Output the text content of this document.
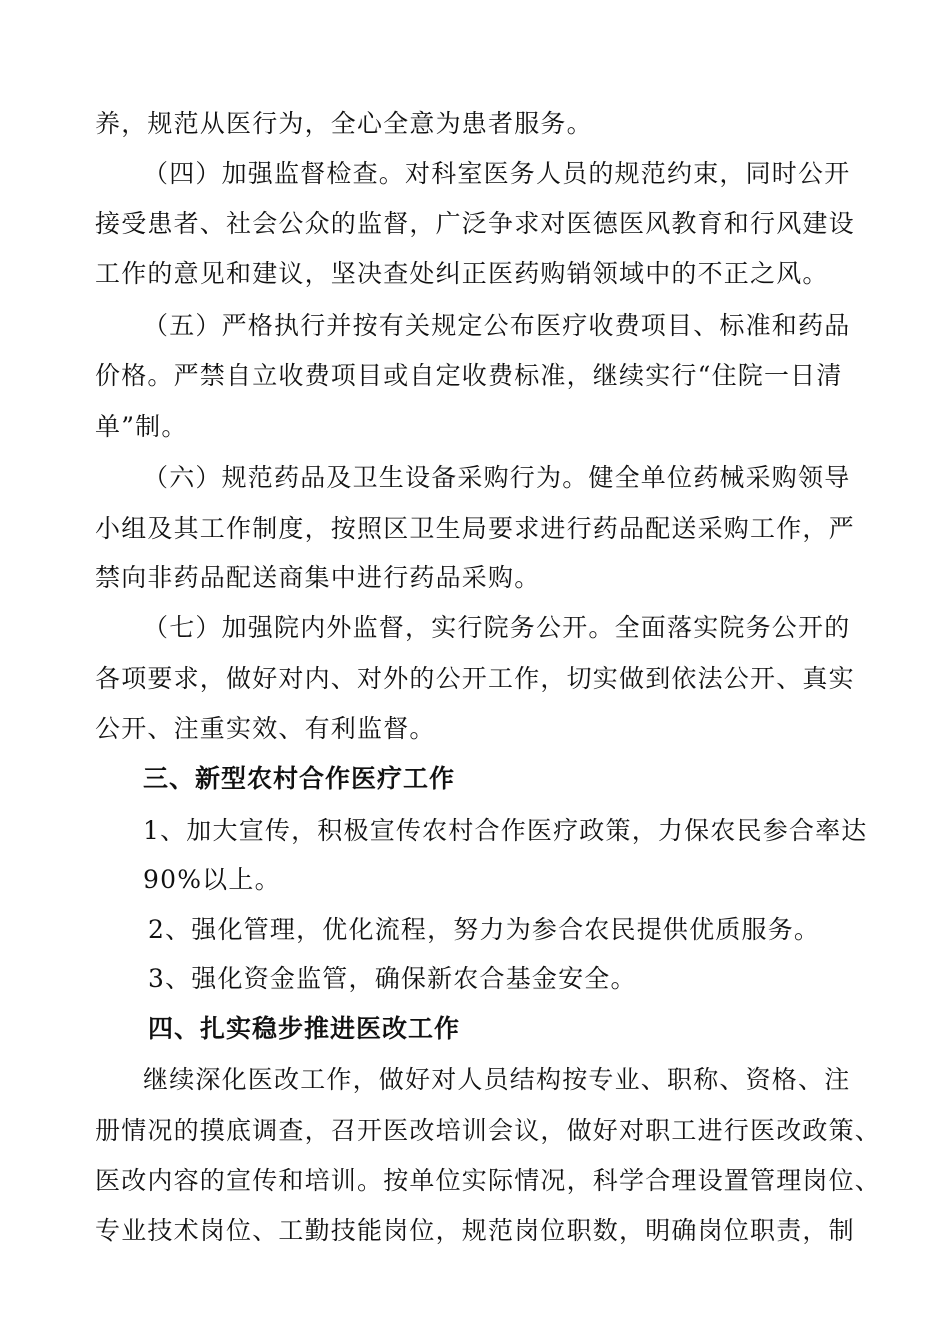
养，规范从医行为，全心全意为患者服务。
（四）加强监督检查。对科室医务人员的规范约束，同时公开
接受患者、社会公众的监督，广泛争求对医德医风教育和行风建设
工作的意见和建议，坚决查处纠正医药购销领域中的不正之风。
（五）严格执行并按有关规定公布医疗收费项目、标准和药品
价格。严禁自立收费项目或自定收费标准，继续实行“住院一日清
单”制。
（六）规范药品及卫生设备采购行为。健全单位药械采购领导
小组及其工作制度，按照区卫生局要求进行药品配送采购工作，严
禁向非药品配送商集中进行药品采购。
（七）加强院内外监督，实行院务公开。全面落实院务公开的
各项要求，做好对内、对外的公开工作，切实做到依法公开、真实
公开、注重实效、有利监督。
三、新型农村合作医疗工作
1、加大宣传，积极宣传农村合作医疗政策，力保农民参合率达
90%以上。
2、强化管理，优化流程，努力为参合农民提供优质服务。
3、强化资金监管，确保新农合基金安全。
四、扎实稳步推进医改工作
继续深化医改工作，做好对人员结构按专业、职称、资格、注
册情况的摸底调查，召开医改培训会议，做好对职工进行医改政策、
医改内容的宣传和培训。按单位实际情况，科学合理设置管理岗位、
专业技术岗位、工勤技能岗位，规范岗位职数，明确岗位职责，制
